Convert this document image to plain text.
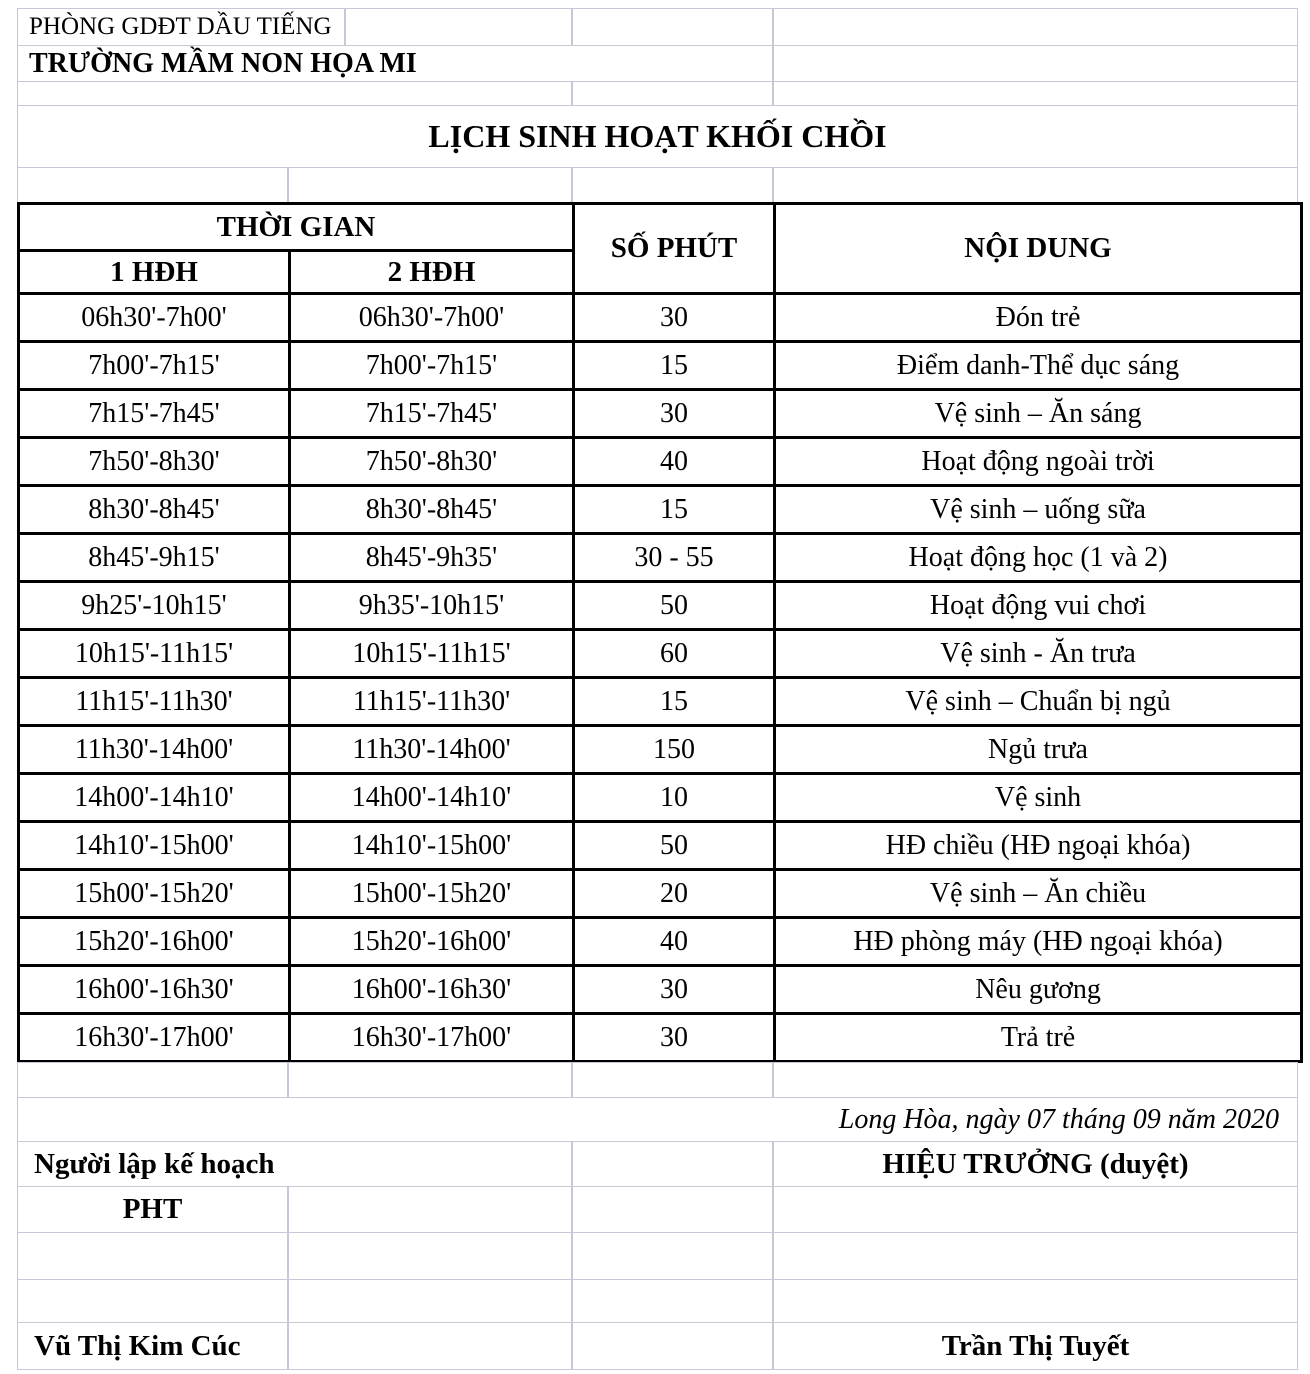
PHÒNG GDĐT DẦU TIẾNG
TRƯỜNG MẦM NON HỌA MI
LỊCH SINH HOẠT KHỐI CHỒI
THỜI GIAN		SỐ PHÚT	NỘI DUNG
1 HĐH	2 HĐH		
06h30'-7h00'	06h30'-7h00'	30	Đón trẻ
7h00'-7h15'	7h00'-7h15'	15	Điểm danh-Thể dục sáng
7h15'-7h45'	7h15'-7h45'	30	Vệ sinh – Ăn sáng
7h50'-8h30'	7h50'-8h30'	40	Hoạt động ngoài trời
8h30'-8h45'	8h30'-8h45'	15	Vệ sinh – uống sữa
8h45'-9h15'	8h45'-9h35'	30 - 55	Hoạt động học (1 và 2)
9h25'-10h15'	9h35'-10h15'	50	Hoạt động vui chơi
10h15'-11h15'	10h15'-11h15'	60	Vệ sinh - Ăn trưa
11h15'-11h30'	11h15'-11h30'	15	Vệ sinh – Chuẩn bị ngủ
11h30'-14h00'	11h30'-14h00'	150	Ngủ trưa
14h00'-14h10'	14h00'-14h10'	10	Vệ sinh
14h10'-15h00'	14h10'-15h00'	50	HĐ chiều (HĐ ngoại khóa)
15h00'-15h20'	15h00'-15h20'	20	Vệ sinh – Ăn chiều
15h20'-16h00'	15h20'-16h00'	40	HĐ phòng máy (HĐ ngoại khóa)
16h00'-16h30'	16h00'-16h30'	30	Nêu gương
16h30'-17h00'	16h30'-17h00'	30	Trả trẻ
Long Hòa, ngày 07 tháng 09 năm 2020
Người lập kế hoạch	HIỆU TRƯỞNG (duyệt)
PHT
Vũ Thị Kim Cúc	Trần Thị Tuyết
